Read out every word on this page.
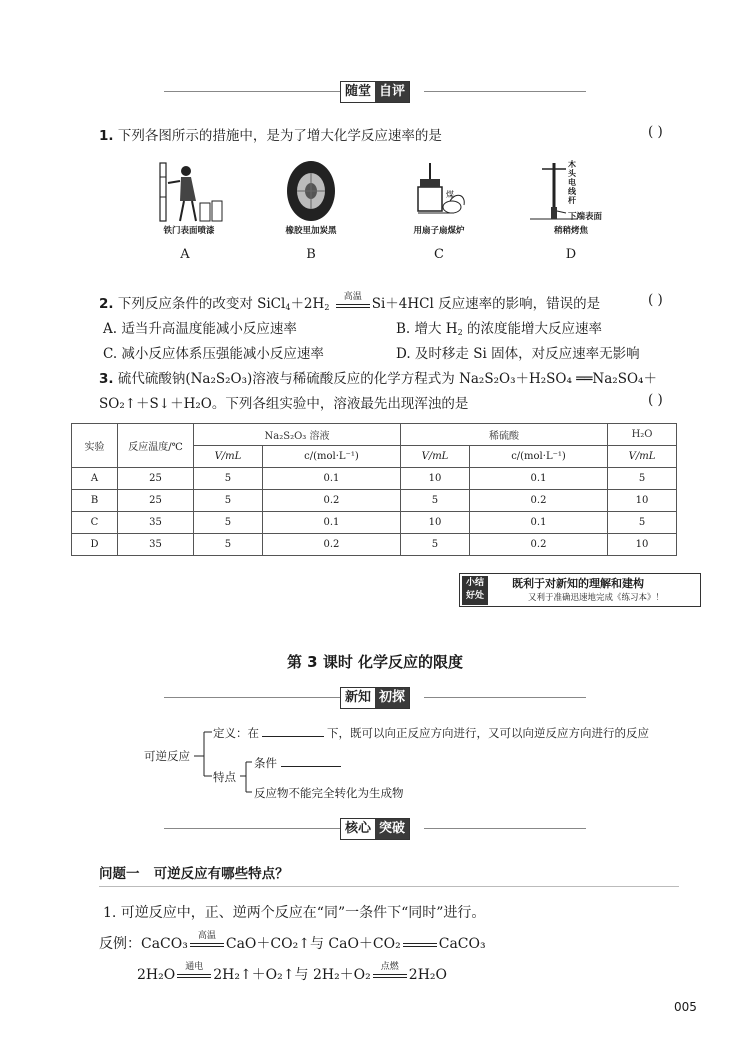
随堂 自评
1. 下列各图所示的措施中，是为了增大化学反应速率的是	( )
铁门表面喷漆
A
橡胶里加炭黑
B
煤
用扇子扇煤炉
C
木头电线杆
下端表面
稍稍烤焦
D
2. 下列反应条件的改变对 $SiCl_4+2H_2$
高温 Si＋4HCl 反应速率的影响，错误的是	( )
A. 适当升高温度能减小反应速率	B. 增大 $H_2$ 的浓度能增大反应速率
C. 减小反应体系压强能减小反应速率	D. 及时移走 Si 固体，对反应速率无影响
3. 硫代硫酸钠(Na₂S₂O₃)溶液与稀硫酸反应的化学方程式为 Na₂S₂O₃＋H₂SO₄ ══Na₂SO₄＋
SO₂↑＋S↓＋H₂O。下列各组实验中，溶液最先出现浑浊的是	( )
实验	反应温度/℃	Na₂S₂O₃ 溶液		稀硫酸		H₂O
		V/mL	c/(mol·L⁻¹)	V/mL	c/(mol·L⁻¹)	V/mL
A	25	5	0.1	10	0.1	5
B	25	5	0.2	5	0.2	10
C	35	5	0.1	10	0.1	5
D	35	5	0.2	5	0.2	10
小结好处
既利于对新知的理解和建构
又利于准确迅速地完成《练习本》！
第 3 课时 化学反应的限度
新知 初探
可逆反应
定义：在	下，既可以向正反应方向进行，又可以向逆反应方向进行的反应
特点
条件
反应物不能完全转化为生成物
核心 突破
问题一 可逆反应有哪些特点？
1. 可逆反应中，正、逆两个反应在“同”一条件下“同时”进行。
反例：CaCO₃	高温 CaO＋CO₂↑与 CaO＋CO₂	CaCO₃
2H₂O	通电 2H₂↑＋O₂↑与 2H₂＋O₂	点燃 2H₂O
005
